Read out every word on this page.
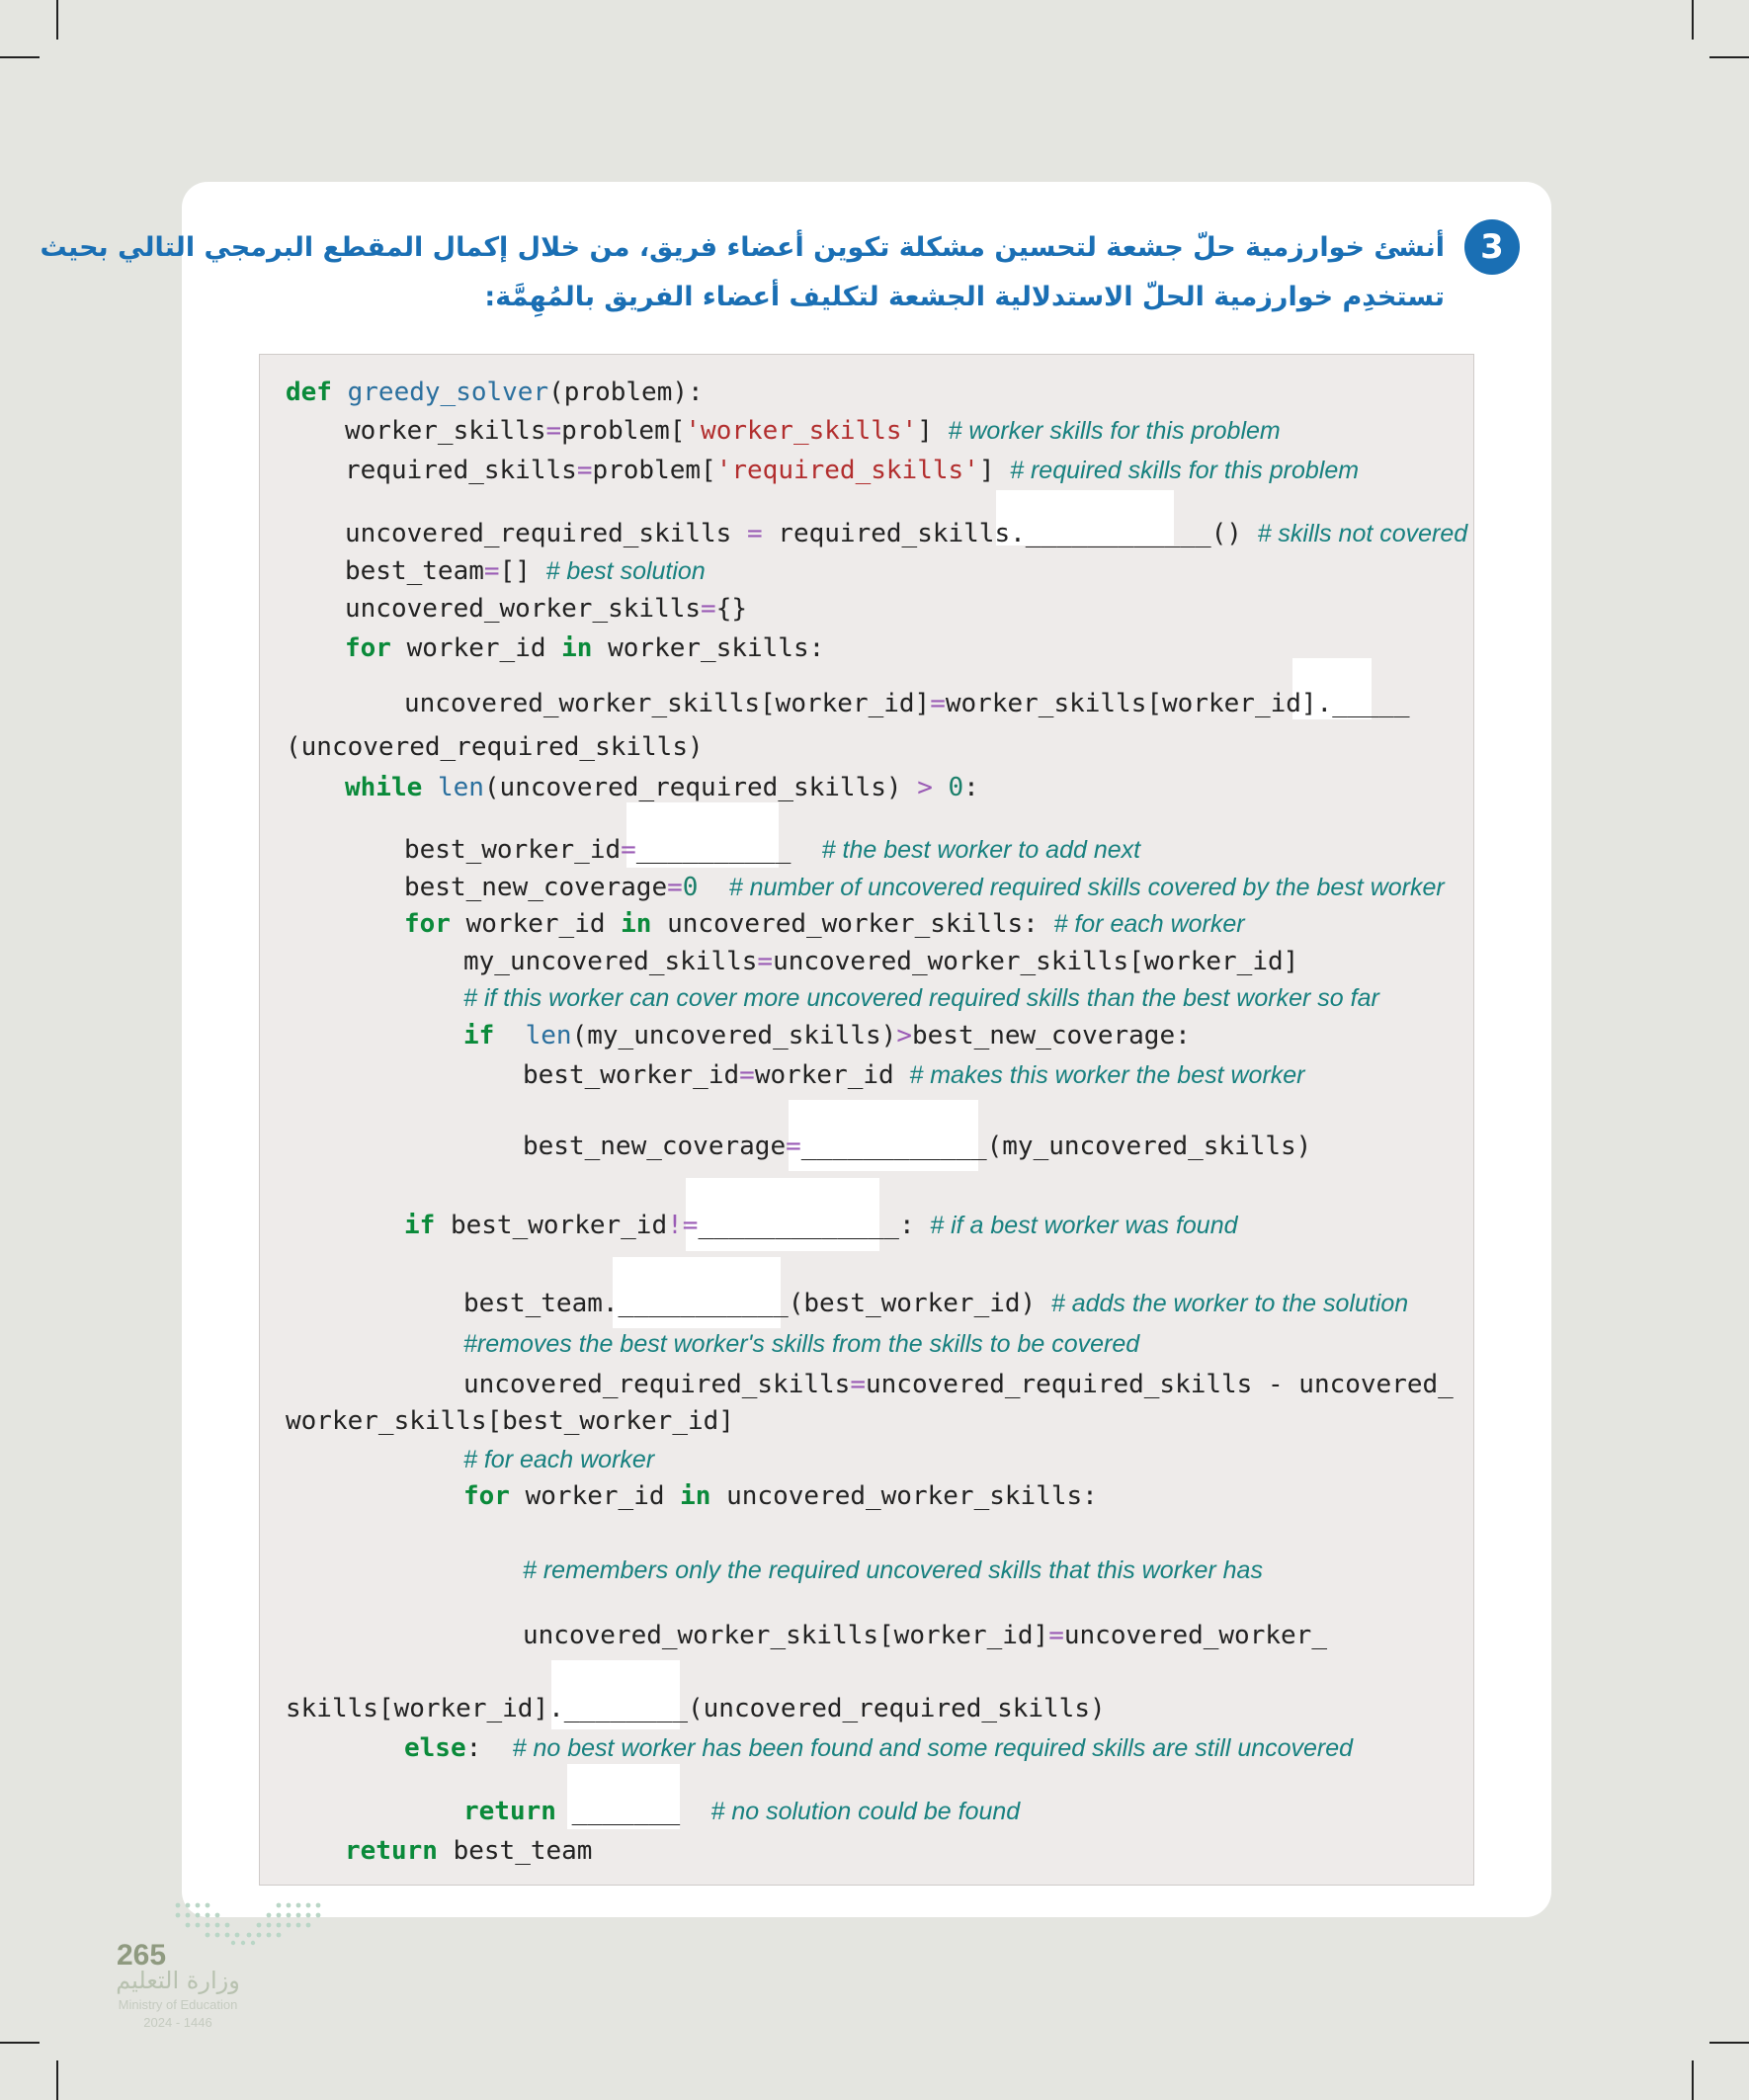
3
أنشئ خوارزمية حلّ جشعة لتحسين مشكلة تكوين أعضاء فريق، من خلال إكمال المقطع البرمجي التالي بحيث
تستخدِم خوارزمية الحلّ الاستدلالية الجشعة لتكليف أعضاء الفريق بالمُهِمَّة:
def greedy_solver(problem):
worker_skills=problem['worker_skills'] # worker skills for this problem
required_skills=problem['required_skills'] # required skills for this problem
uncovered_required_skills = required_skills.____________() # skills not covered
best_team=[] # best solution
uncovered_worker_skills={}
for worker_id in worker_skills:
uncovered_worker_skills[worker_id]=worker_skills[worker_id]._____
(uncovered_required_skills)
while len(uncovered_required_skills) > 0:
best_worker_id=__________ # the best worker to add next
best_new_coverage=0 # number of uncovered required skills covered by the best worker
for worker_id in uncovered_worker_skills: # for each worker
my_uncovered_skills=uncovered_worker_skills[worker_id]
# if this worker can cover more uncovered required skills than the best worker so far
if len(my_uncovered_skills)>best_new_coverage:
best_worker_id=worker_id # makes this worker the best worker
best_new_coverage=____________(my_uncovered_skills)
if best_worker_id!=_____________: # if a best worker was found
best_team.___________(best_worker_id) # adds the worker to the solution
#removes the best worker's skills from the skills to be covered
uncovered_required_skills=uncovered_required_skills - uncovered_
worker_skills[best_worker_id]
# for each worker
for worker_id in uncovered_worker_skills:
# remembers only the required uncovered skills that this worker has
uncovered_worker_skills[worker_id]=uncovered_worker_
skills[worker_id].________(uncovered_required_skills)
else: # no best worker has been found and some required skills are still uncovered
return _______ # no solution could be found
return best_team
265
وزارة التعليم
Ministry of Education
2024 - 1446
